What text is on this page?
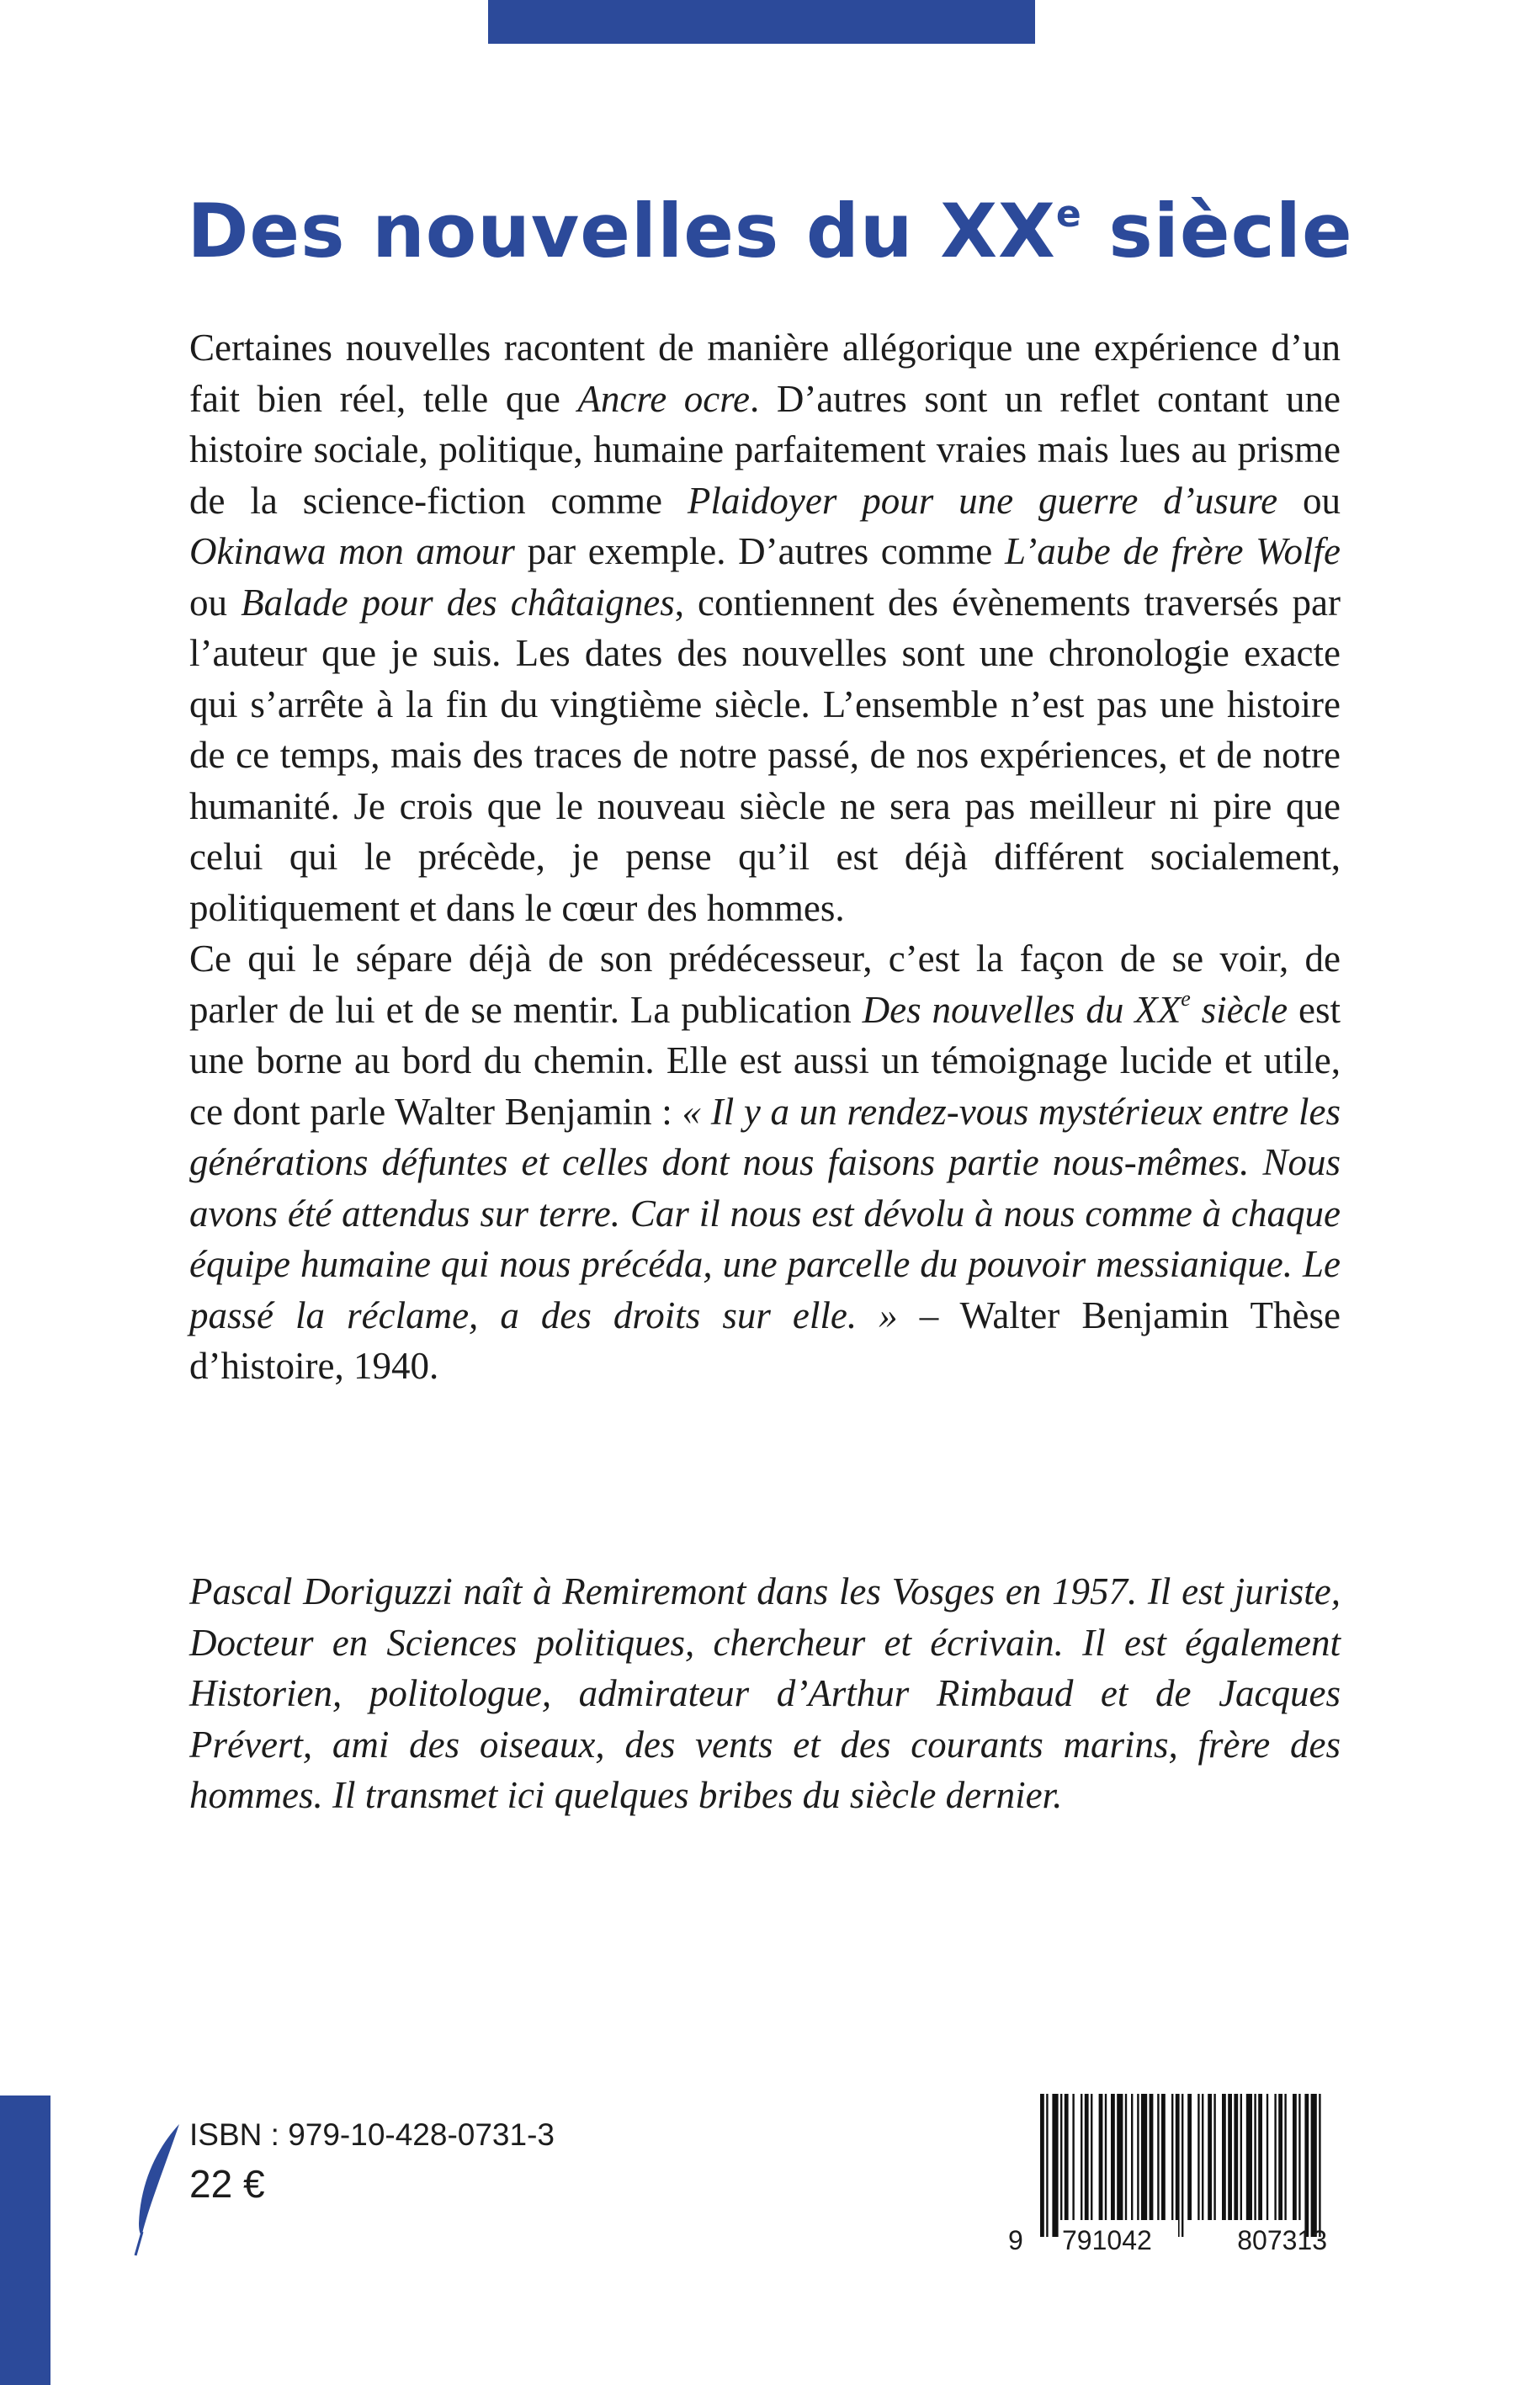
Des nouvelles du XXe siècle

Certaines nouvelles racontent de manière allégorique une expérience d’un fait bien réel, telle que Ancre ocre. D’autres sont un reflet contant une histoire sociale, politique, humaine parfaitement vraies mais lues au prisme de la science-fiction comme Plaidoyer pour une guerre d’usure ou Okinawa mon amour par exemple. D’autres comme L’aube de frère Wolfe ou Balade pour des châtaignes, contiennent des évènements traversés par l’auteur que je suis. Les dates des nouvelles sont une chronologie exacte qui s’arrête à la fin du vingtième siècle. L’ensemble n’est pas une histoire de ce temps, mais des traces de notre passé, de nos expériences, et de notre humanité. Je crois que le nouveau siècle ne sera pas meilleur ni pire que celui qui le précède, je pense qu’il est déjà différent socialement, politiquement et dans le cœur des hommes.

Ce qui le sépare déjà de son prédécesseur, c’est la façon de se voir, de parler de lui et de se mentir. La publication Des nouvelles du XXe siècle est une borne au bord du chemin. Elle est aussi un témoignage lucide et utile, ce dont parle Walter Benjamin : « Il y a un rendez-vous mystérieux entre les générations défuntes et celles dont nous faisons partie nous-mêmes. Nous avons été attendus sur terre. Car il nous est dévolu à nous comme à chaque équipe humaine qui nous précéda, une parcelle du pouvoir messianique. Le passé la réclame, a des droits sur elle. » – Walter Benjamin Thèse d’histoire, 1940.

Pascal Doriguzzi naît à Remiremont dans les Vosges en 1957. Il est juriste, Docteur en Sciences politiques, chercheur et écrivain. Il est également Historien, politologue, admirateur d’Arthur Rimbaud et de Jacques Prévert, ami des oiseaux, des vents et des courants marins, frère des hommes. Il transmet ici quelques bribes du siècle dernier.

ISBN : 979-10-428-0731-3
22 €
9 791042	807313
